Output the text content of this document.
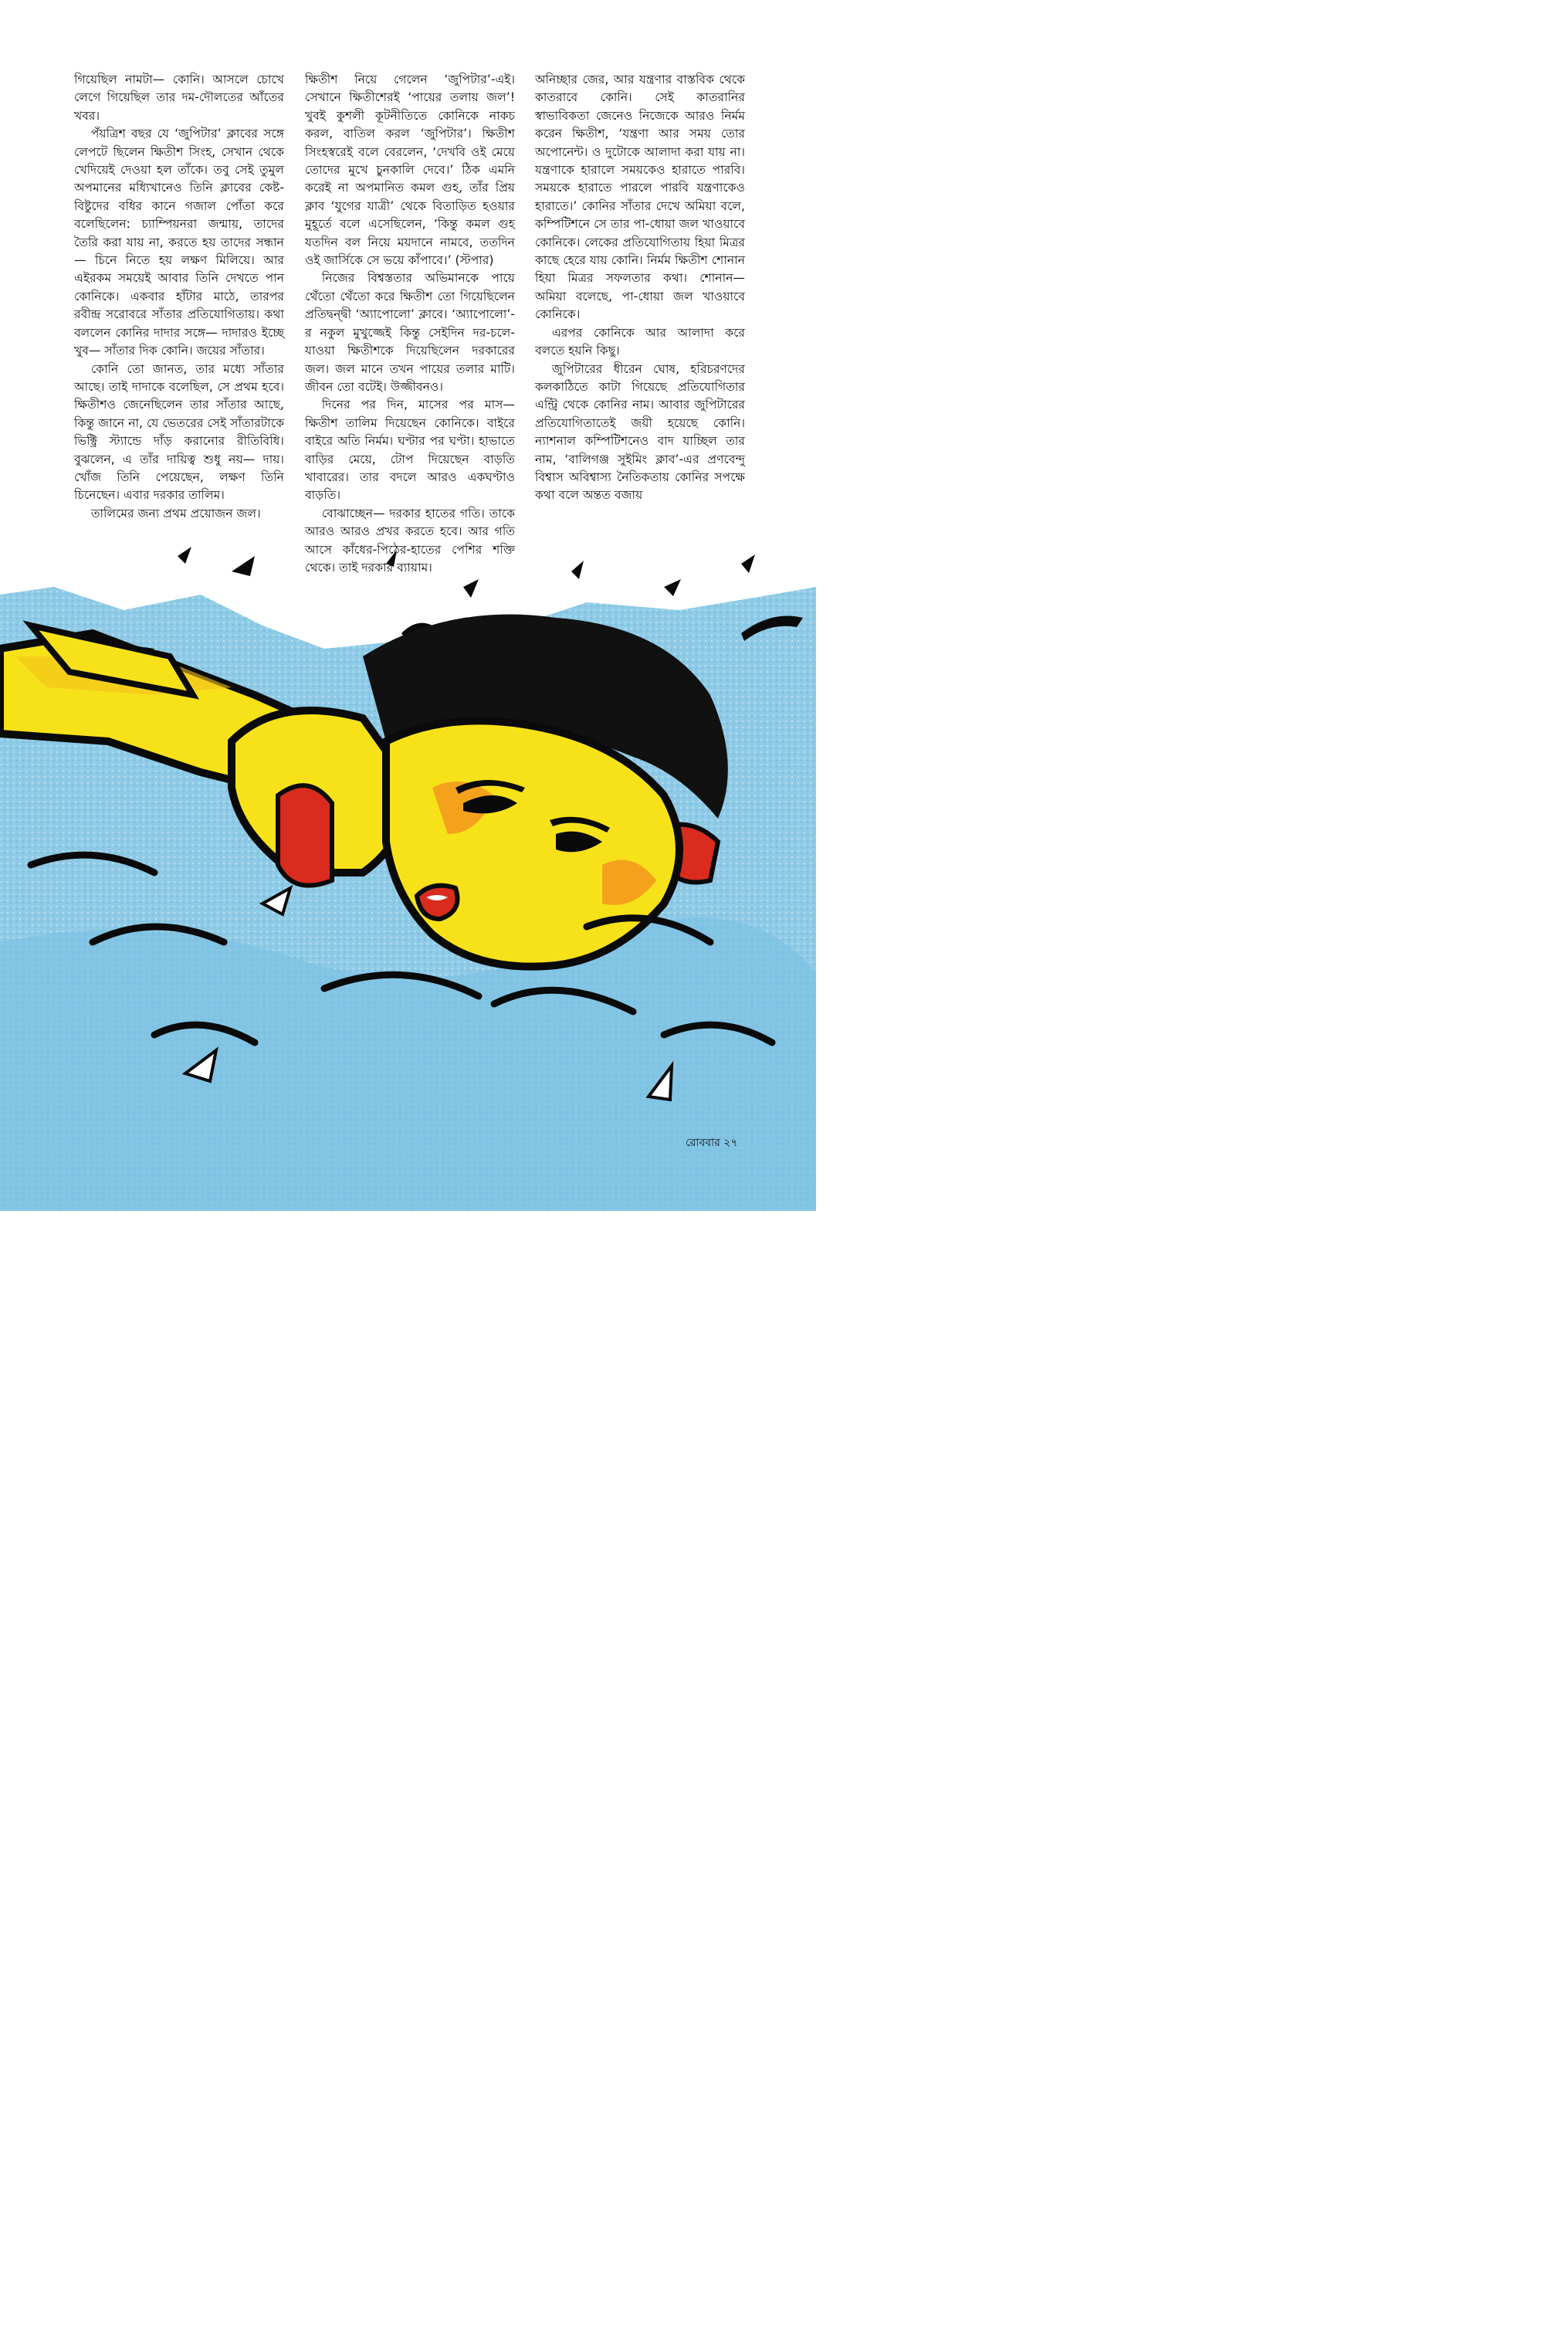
গিয়েছিল নামটা— কোনি। আসলে চোখে লেগে গিয়েছিল তার দম-দৌলতের আঁতের খবর।

পঁয়ত্রিশ বছর যে ‘জুপিটার’ ক্লাবের সঙ্গে লেপটে ছিলেন ক্ষিতীশ সিংহ, সেখান থেকে খেদিয়েই দেওয়া হল তাঁকে। তবু সেই তুমুল অপমানের মধ্যিখানেও তিনি ক্লাবের কেষ্ট-বিষ্টুদের বধির কানে গজাল পোঁতা করে বলেছিলেন: চ্যাম্পিয়নরা জন্মায়, তাদের তৈরি করা যায় না, করতে হয় তাদের সন্ধান— চিনে নিতে হয় লক্ষণ মিলিয়ে। আর এইরকম সময়েই আবার তিনি দেখতে পান কোনিকে। একবার হাঁটার মাঠে, তারপর রবীন্দ্র সরোবরে সাঁতার প্রতিযোগিতায়। কথা বললেন কোনির দাদার সঙ্গে— দাদারও ইচ্ছে খুব— সাঁতার দিক কোনি। জয়ের সাঁতার।

কোনি তো জানত, তার মধ্যে সাঁতার আছে। তাই দাদাকে বলেছিল, সে প্রথম হবে। ক্ষিতীশও জেনেছিলেন তার সাঁতার আছে, কিন্তু জানে না, যে ভেতরের সেই সাঁতারটাকে ভিক্ট্রি স্ট্যান্ডে দাঁড় করানোর রীতিবিধি। বুঝলেন, এ তাঁর দায়িত্ব শুধু নয়— দায়। খোঁজ তিনি পেয়েছেন, লক্ষণ তিনি চিনেছেন। এবার দরকার তালিম।

তালিমের জন্য প্রথম প্রয়োজন জল।

ক্ষিতীশ নিয়ে গেলেন ‘জুপিটার’-এই। সেখানে ক্ষিতীশেরই ‘পায়ের তলায় জল’! খুবই কুশলী কূটনীতিতে কোনিকে নাকচ করল, বাতিল করল ‘জুপিটার’। ক্ষিতীশ সিংহস্বরেই বলে বেরলেন, ‘দেখবি ওই মেয়ে তোদের মুখে চুনকালি দেবে।’ ঠিক এমনি করেই না অপমানিত কমল গুহ, তাঁর প্রিয় ক্লাব ‘যুগের যাত্রী’ থেকে বিতাড়িত হওয়ার মুহূর্তে বলে এসেছিলেন, ‘কিন্তু কমল গুহ যতদিন বল নিয়ে ময়দানে নামবে, ততদিন ওই জার্সিকে সে ভয়ে কাঁপাবে।’ (স্টপার)

নিজের বিশ্বস্ততার অভিমানকে পায়ে থেঁতো থেঁতো করে ক্ষিতীশ তো গিয়েছিলেন প্রতিদ্বন্দ্বী ‘অ্যাপোলো’ ক্লাবে। ‘অ্যাপোলো’-র নকুল মুখুজ্জেই কিন্তু সেইদিন দর-চলে-যাওয়া ক্ষিতীশকে দিয়েছিলেন দরকারের জল। জল মানে তখন পায়ের তলার মাটি। জীবন তো বটেই। উজ্জীবনও।

দিনের পর দিন, মাসের পর মাস— ক্ষিতীশ তালিম দিয়েছেন কোনিকে। বাইরে বাইরে অতি নির্মম। ঘণ্টার পর ঘণ্টা। হাভাতে বাড়ির মেয়ে, টোপ দিয়েছেন বাড়তি খাবারের। তার বদলে আরও একঘণ্টাও বাড়তি।

বোঝাচ্ছেন— দরকার হাতের গতি। তাকে আরও আরও প্রখর করতে হবে। আর গতি আসে কাঁধের-পিঠের-হাতের পেশির শক্তি থেকে। তাই দরকার ব্যায়াম।

অনিচ্ছার জের, আর যন্ত্রণার বাস্তবিক থেকে কাতরাবে কোনি। সেই কাতরানির স্বাভাবিকতা জেনেও নিজেকে আরও নির্মম করেন ক্ষিতীশ, ‘যন্ত্রণা আর সময় তোর অপোনেন্ট। ও দুটোকে আলাদা করা যায় না। যন্ত্রণাকে হারালে সময়কেও হারাতে পারবি। সময়কে হারাতে পারলে পারবি যন্ত্রণাকেও হারাতে।’ কোনির সাঁতার দেখে অমিয়া বলে, কম্পিটিশনে সে তার পা-ধোয়া জল খাওয়াবে কোনিকে। লেকের প্রতিযোগিতায় হিয়া মিত্রর কাছে হেরে যায় কোনি। নির্মম ক্ষিতীশ শোনান হিয়া মিত্রর সফলতার কথা। শোনান— অমিয়া বলেছে, পা-ধোয়া জল খাওয়াবে কোনিকে।

এরপর কোনিকে আর আলাদা করে বলতে হয়নি কিছু।

জুপিটারের ধীরেন ঘোষ, হরিচরণদের কলকাঠিতে কাটা গিয়েছে প্রতিযোগিতার এন্ট্রি থেকে কোনির নাম। আবার জুপিটারের প্রতিযোগিতাতেই জয়ী হয়েছে কোনি। ন্যাশনাল কম্পিটিশনেও বাদ যাচ্ছিল তার নাম, ‘বালিগঞ্জ সুইমিং ক্লাব’-এর প্রণবেন্দু বিশ্বাস অবিশ্বাস্য নৈতিকতায় কোনির সপক্ষে কথা বলে অন্তত বজায়

রোববার ২৭
